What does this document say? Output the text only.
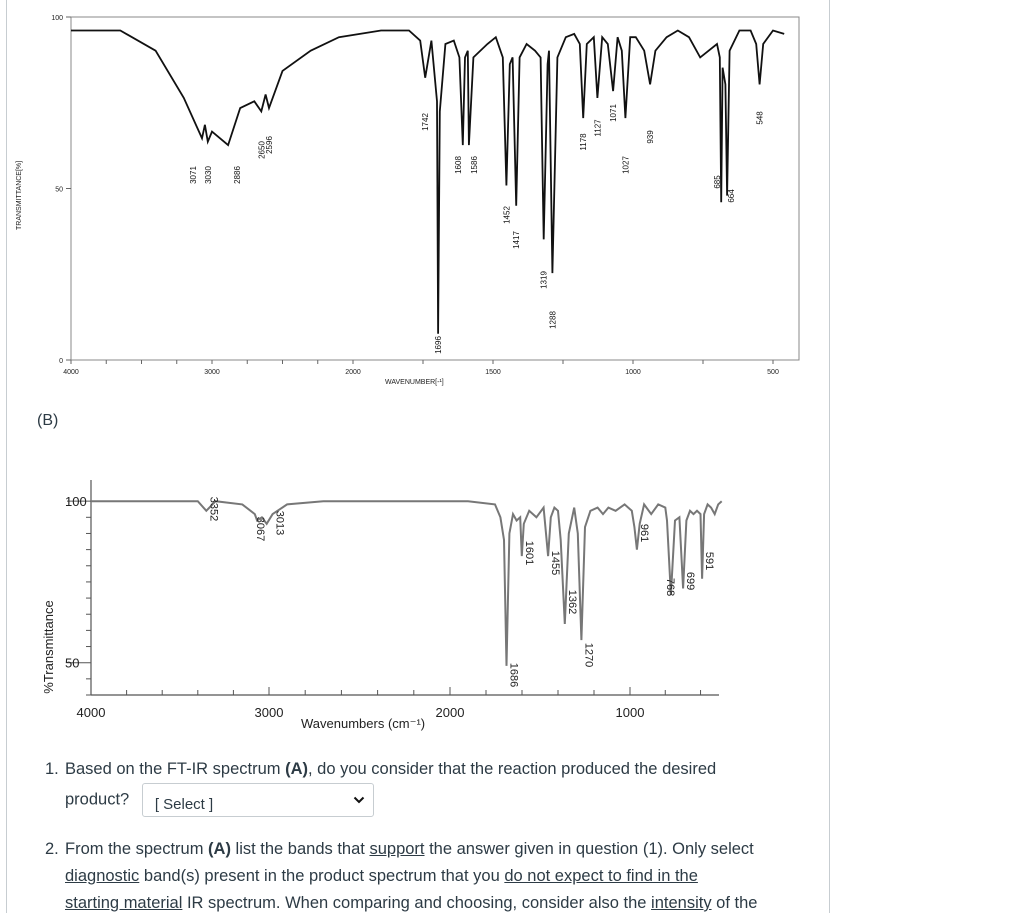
100
50
0
4000	3000	2000	1500	1000	500
3071 3030	2886
2650
2596
1742
1696
1608 1586
1452
1417
1319
1288
1178
1127
1071
1027
939
685
664
548
TRANSMITTANCE[%]
WAVENUMBER[-¹]
(B)
100
50
4000	3000	2000	1000
3352
3013
3067
1686
1601 1455
1362
1270
961
768 699
591
%Transmittance
Wavenumbers (cm⁻¹)
1. Based on the FT-IR spectrum (A), do you consider that the reaction produced the desired
product? [ Select ]
2. From the spectrum (A) list the bands that support the answer given in question (1). Only select
diagnostic band(s) present in the product spectrum that you do not expect to find in the
starting material IR spectrum. When comparing and choosing, consider also the intensity of the
